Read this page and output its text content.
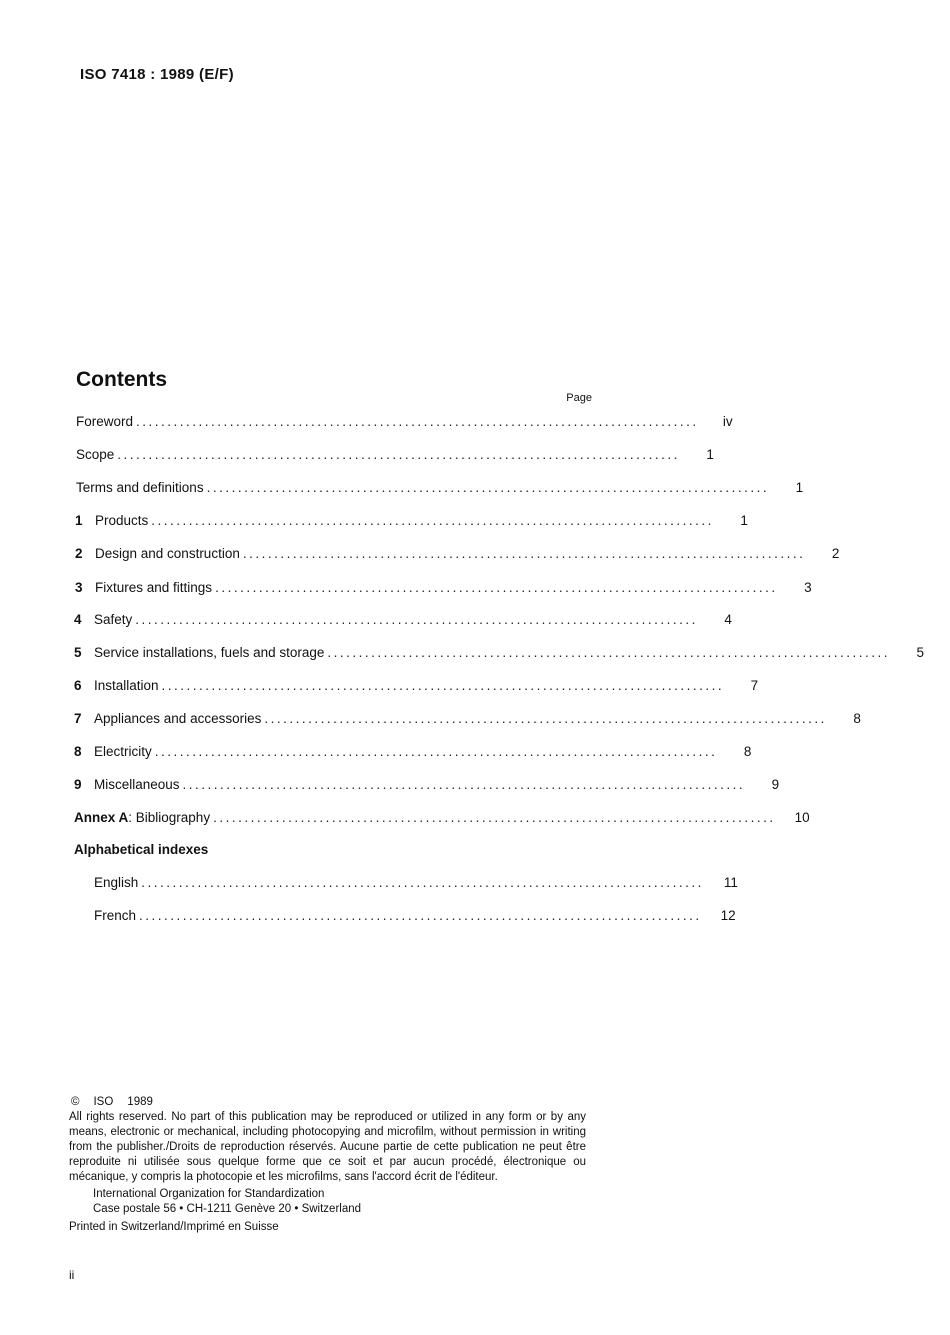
ISO 7418 : 1989 (E/F)
Contents
Page
Foreword ..........................................................................................	iv
Scope ..........................................................................................	1
Terms and definitions ..........................................................................................	1
1 Products ..........................................................................................	1
2 Design and construction ..........................................................................................	2
3 Fixtures and fittings ..........................................................................................	3
4 Safety ..........................................................................................	4
5 Service installations, fuels and storage ..........................................................................................	5
6 Installation ..........................................................................................	7
7 Appliances and accessories ..........................................................................................	8
8 Electricity ..........................................................................................	8
9 Miscellaneous ..........................................................................................	9
Annex A: Bibliography ..........................................................................................	10
Alphabetical indexes
English ..........................................................................................	11
French ..........................................................................................	12
© ISO 1989
All rights reserved. No part of this publication may be reproduced or utilized in any form or by any means, electronic or mechanical, including photocopying and microfilm, without permission in writing from the publisher./Droits de reproduction réservés. Aucune partie de cette publication ne peut être reproduite ni utilisée sous quelque forme que ce soit et par aucun procédé, électronique ou mécanique, y compris la photocopie et les microfilms, sans l'accord écrit de l'éditeur.
International Organization for Standardization
Case postale 56 • CH-1211 Genève 20 • Switzerland
Printed in Switzerland/Imprimé en Suisse
ii
